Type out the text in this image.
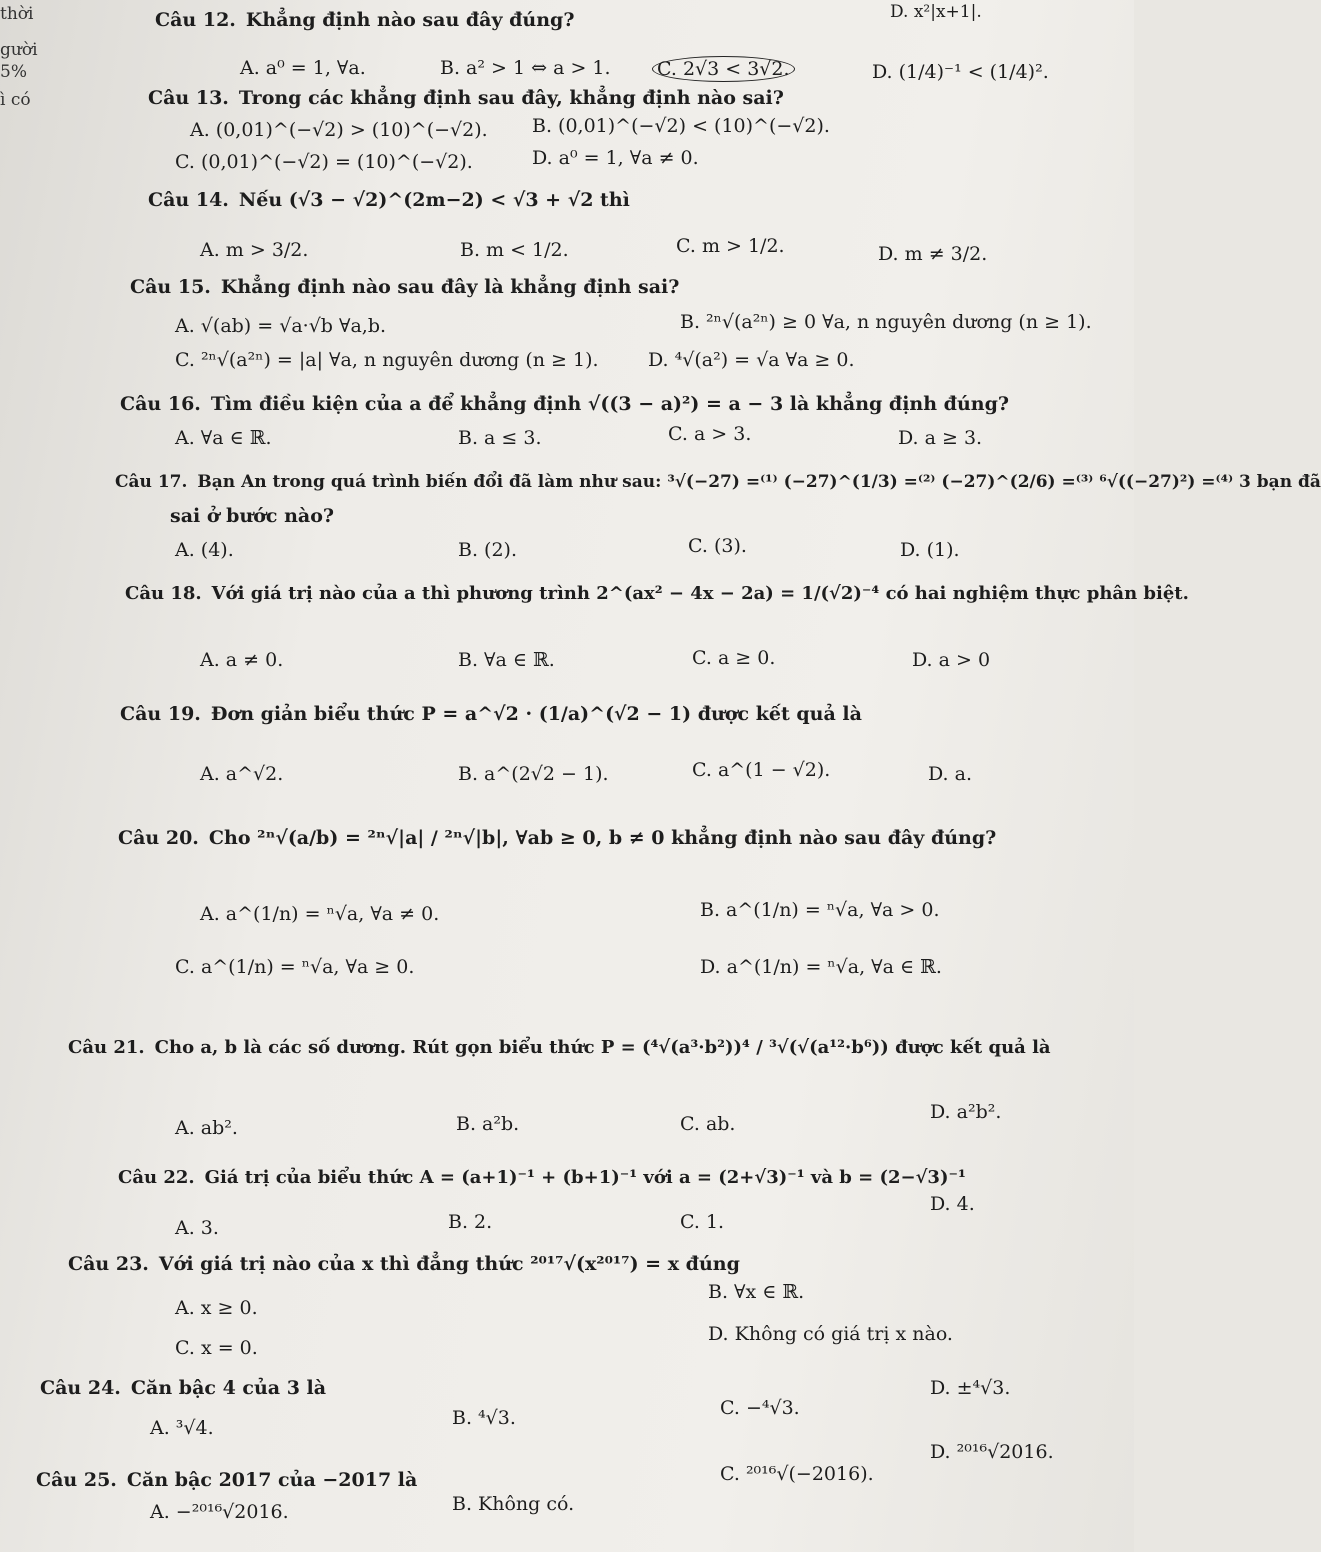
thời
gười
5%
ì có
D. x²|x+1|.
Câu 12. Khẳng định nào sau đây đúng?
A. a⁰ = 1, ∀a.	B. a² > 1 ⇔ a > 1. C. 2√3 < 3√2.	D. (1/4)⁻¹ < (1/4)².
Câu 13. Trong các khẳng định sau đây, khẳng định nào sai?
A. (0,01)^(−√2) > (10)^(−√2). B. (0,01)^(−√2) < (10)^(−√2).
C. (0,01)^(−√2) = (10)^(−√2).	D. a⁰ = 1, ∀a ≠ 0.
Câu 14. Nếu (√3 − √2)^(2m−2) < √3 + √2 thì
A. m > 3/2.	B. m < 1/2.	C. m > 1/2.	D. m ≠ 3/2.
Câu 15. Khẳng định nào sau đây là khẳng định sai?
A. √(ab) = √a·√b ∀a,b.	B. ²ⁿ√(a²ⁿ) ≥ 0 ∀a, n nguyên dương (n ≥ 1).
C. ²ⁿ√(a²ⁿ) = |a| ∀a, n nguyên dương (n ≥ 1).	D. ⁴√(a²) = √a ∀a ≥ 0.
Câu 16. Tìm điều kiện của a để khẳng định √((3 − a)²) = a − 3 là khẳng định đúng?
A. ∀a ∈ ℝ.	B. a ≤ 3.	C. a > 3.	D. a ≥ 3.
Câu 17. Bạn An trong quá trình biến đổi đã làm như sau: ³√(−27) =⁽¹⁾ (−27)^(1/3) =⁽²⁾ (−27)^(2/6) =⁽³⁾ ⁶√((−27)²) =⁽⁴⁾ 3 bạn đã
sai ở bước nào?
A. (4).	B. (2).	C. (3).	D. (1).
Câu 18. Với giá trị nào của a thì phương trình 2^(ax² − 4x − 2a) = 1/(√2)⁻⁴ có hai nghiệm thực phân biệt.
A. a ≠ 0.	B. ∀a ∈ ℝ.	C. a ≥ 0.	D. a > 0
Câu 19. Đơn giản biểu thức P = a^√2 · (1/a)^(√2 − 1) được kết quả là
A. a^√2.	B. a^(2√2 − 1).	C. a^(1 − √2).	D. a.
Câu 20. Cho ²ⁿ√(a/b) = ²ⁿ√|a| / ²ⁿ√|b|, ∀ab ≥ 0, b ≠ 0 khẳng định nào sau đây đúng?
A. a^(1/n) = ⁿ√a, ∀a ≠ 0.	B. a^(1/n) = ⁿ√a, ∀a > 0.
C. a^(1/n) = ⁿ√a, ∀a ≥ 0.	D. a^(1/n) = ⁿ√a, ∀a ∈ ℝ.
Câu 21. Cho a, b là các số dương. Rút gọn biểu thức P = (⁴√(a³·b²))⁴ / ³√(√(a¹²·b⁶)) được kết quả là
A. ab².	B. a²b.	C. ab.
D. a²b².
Câu 22. Giá trị của biểu thức A = (a+1)⁻¹ + (b+1)⁻¹ với a = (2+√3)⁻¹ và b = (2−√3)⁻¹
A. 3.	B. 2.	C. 1.
D. 4.
Câu 23. Với giá trị nào của x thì đẳng thức ²⁰¹⁷√(x²⁰¹⁷) = x đúng
A. x ≥ 0.
B. ∀x ∈ ℝ.
C. x = 0.
D. Không có giá trị x nào.
Câu 24. Căn bậc 4 của 3 là
A. ³√4.	B. ⁴√3.	C. −⁴√3.
D. ±⁴√3.
Câu 25. Căn bậc 2017 của −2017 là
A. −²⁰¹⁶√2016.	B. Không có.
C. ²⁰¹⁶√(−2016).
D. ²⁰¹⁶√2016.
